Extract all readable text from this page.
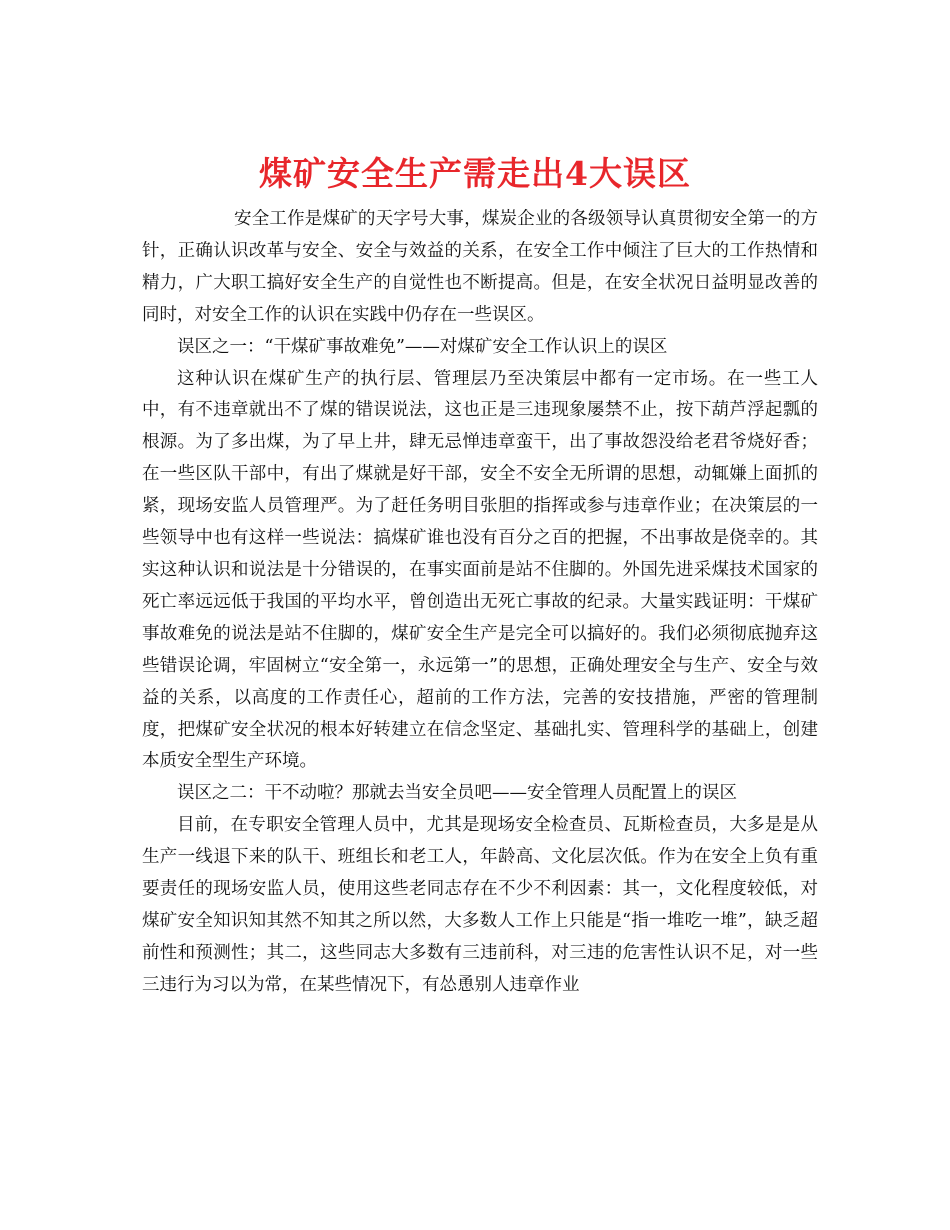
煤矿安全生产需走出4大误区

安全工作是煤矿的天字号大事，煤炭企业的各级领导认真贯彻安全第一的方针，正确认识改革与安全、安全与效益的关系，在安全工作中倾注了巨大的工作热情和精力，广大职工搞好安全生产的自觉性也不断提高。但是，在安全状况日益明显改善的同时，对安全工作的认识在实践中仍存在一些误区。

误区之一：“干煤矿事故难免”——对煤矿安全工作认识上的误区

这种认识在煤矿生产的执行层、管理层乃至决策层中都有一定市场。在一些工人中，有不违章就出不了煤的错误说法，这也正是三违现象屡禁不止，按下葫芦浮起瓢的根源。为了多出煤，为了早上井，肆无忌惮违章蛮干，出了事故怨没给老君爷烧好香；在一些区队干部中，有出了煤就是好干部，安全不安全无所谓的思想，动辄嫌上面抓的紧，现场安监人员管理严。为了赶任务明目张胆的指挥或参与违章作业；在决策层的一些领导中也有这样一些说法：搞煤矿谁也没有百分之百的把握，不出事故是侥幸的。其实这种认识和说法是十分错误的，在事实面前是站不住脚的。外国先进采煤技术国家的死亡率远远低于我国的平均水平，曾创造出无死亡事故的纪录。大量实践证明：干煤矿事故难免的说法是站不住脚的，煤矿安全生产是完全可以搞好的。我们必须彻底抛弃这些错误论调，牢固树立“安全第一，永远第一”的思想，正确处理安全与生产、安全与效益的关系，以高度的工作责任心，超前的工作方法，完善的安技措施，严密的管理制度，把煤矿安全状况的根本好转建立在信念坚定、基础扎实、管理科学的基础上，创建本质安全型生产环境。

误区之二：干不动啦？那就去当安全员吧——安全管理人员配置上的误区

目前，在专职安全管理人员中，尤其是现场安全检查员、瓦斯检查员，大多是是从生产一线退下来的队干、班组长和老工人，年龄高、文化层次低。作为在安全上负有重要责任的现场安监人员，使用这些老同志存在不少不利因素：其一，文化程度较低，对煤矿安全知识知其然不知其之所以然，大多数人工作上只能是“指一堆吃一堆”，缺乏超前性和预测性；其二，这些同志大多数有三违前科，对三违的危害性认识不足，对一些三违行为习以为常，在某些情况下，有怂恿别人违章作业
